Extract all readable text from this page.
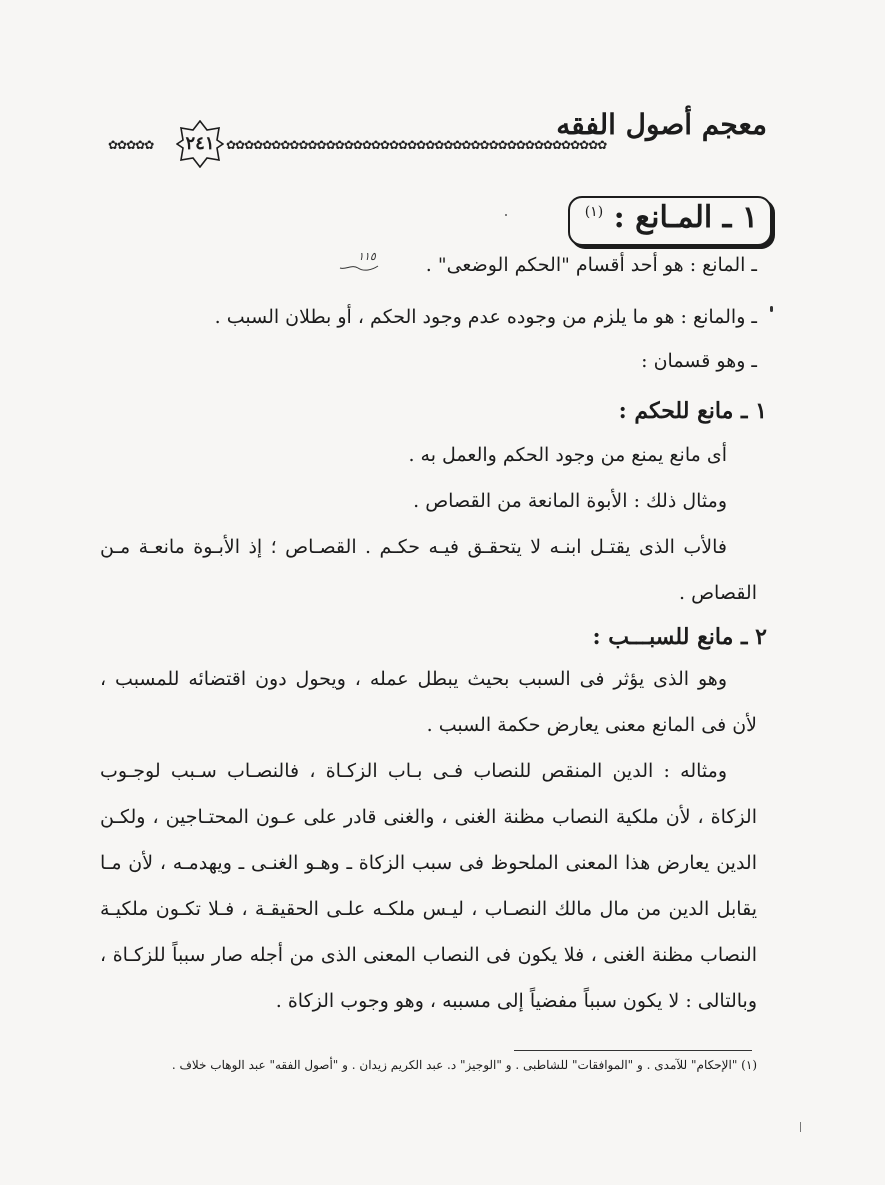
معجم أصول الفقه
✿✿✿✿✿	✿✿✿✿✿✿✿✿✿✿✿✿✿✿✿✿✿✿✿✿✿✿✿✿✿✿✿✿✿✿✿✿✿✿✿✿✿✿✿✿✿✿
٢٤١
١ ـ المـانع : $^{(١)}$
١١٥	ـ المانع : هو أحد أقسام "الحكم الوضعى" .
ـ والمانع : هو ما يلزم من وجوده عدم وجود الحكم ، أو بطلان السبب .
ـ وهو قسمان :
١ ـ مانع للحكم :
أى مانع يمنع من وجود الحكم والعمل به .
ومثال ذلك : الأبوة المانعة من القصاص .
فالأب الذى يقتـل ابنـه لا يتحقـق فيـه حكـم . القصـاص ؛ إذ الأبـوة مانعـة مـن
القصاص .
٢ ـ مانع للسبـــب :
وهو الذى يؤثر فى السبب بحيث يبطل عمله ، ويحول دون اقتضائه للمسبب ،
لأن فى المانع معنى يعارض حكمة السبب .
ومثاله : الدين المنقص للنصاب فـى بـاب الزكـاة ، فالنصـاب سـبب لوجـوب
الزكاة ، لأن ملكية النصاب مظنة الغنى ، والغنى قادر على عـون المحتـاجين ، ولكـن
الدين يعارض هذا المعنى الملحوظ فى سبب الزكاة ـ وهـو الغنـى ـ ويهدمـه ، لأن مـا
يقابل الدين من مال مالك النصـاب ، ليـس ملكـه علـى الحقيقـة ، فـلا تكـون ملكيـة
النصاب مظنة الغنى ، فلا يكون فى النصاب المعنى الذى من أجله صار سبباً للزكـاة ،
وبالتالى : لا يكون سبباً مفضياً إلى مسببه ، وهو وجوب الزكاة .
(١) "الإحكام" للآمدى . و "الموافقات" للشاطبى . و "الوجيز" د. عبد الكريم زيدان . و "أصول الفقه" عبد الوهاب خلاف .
